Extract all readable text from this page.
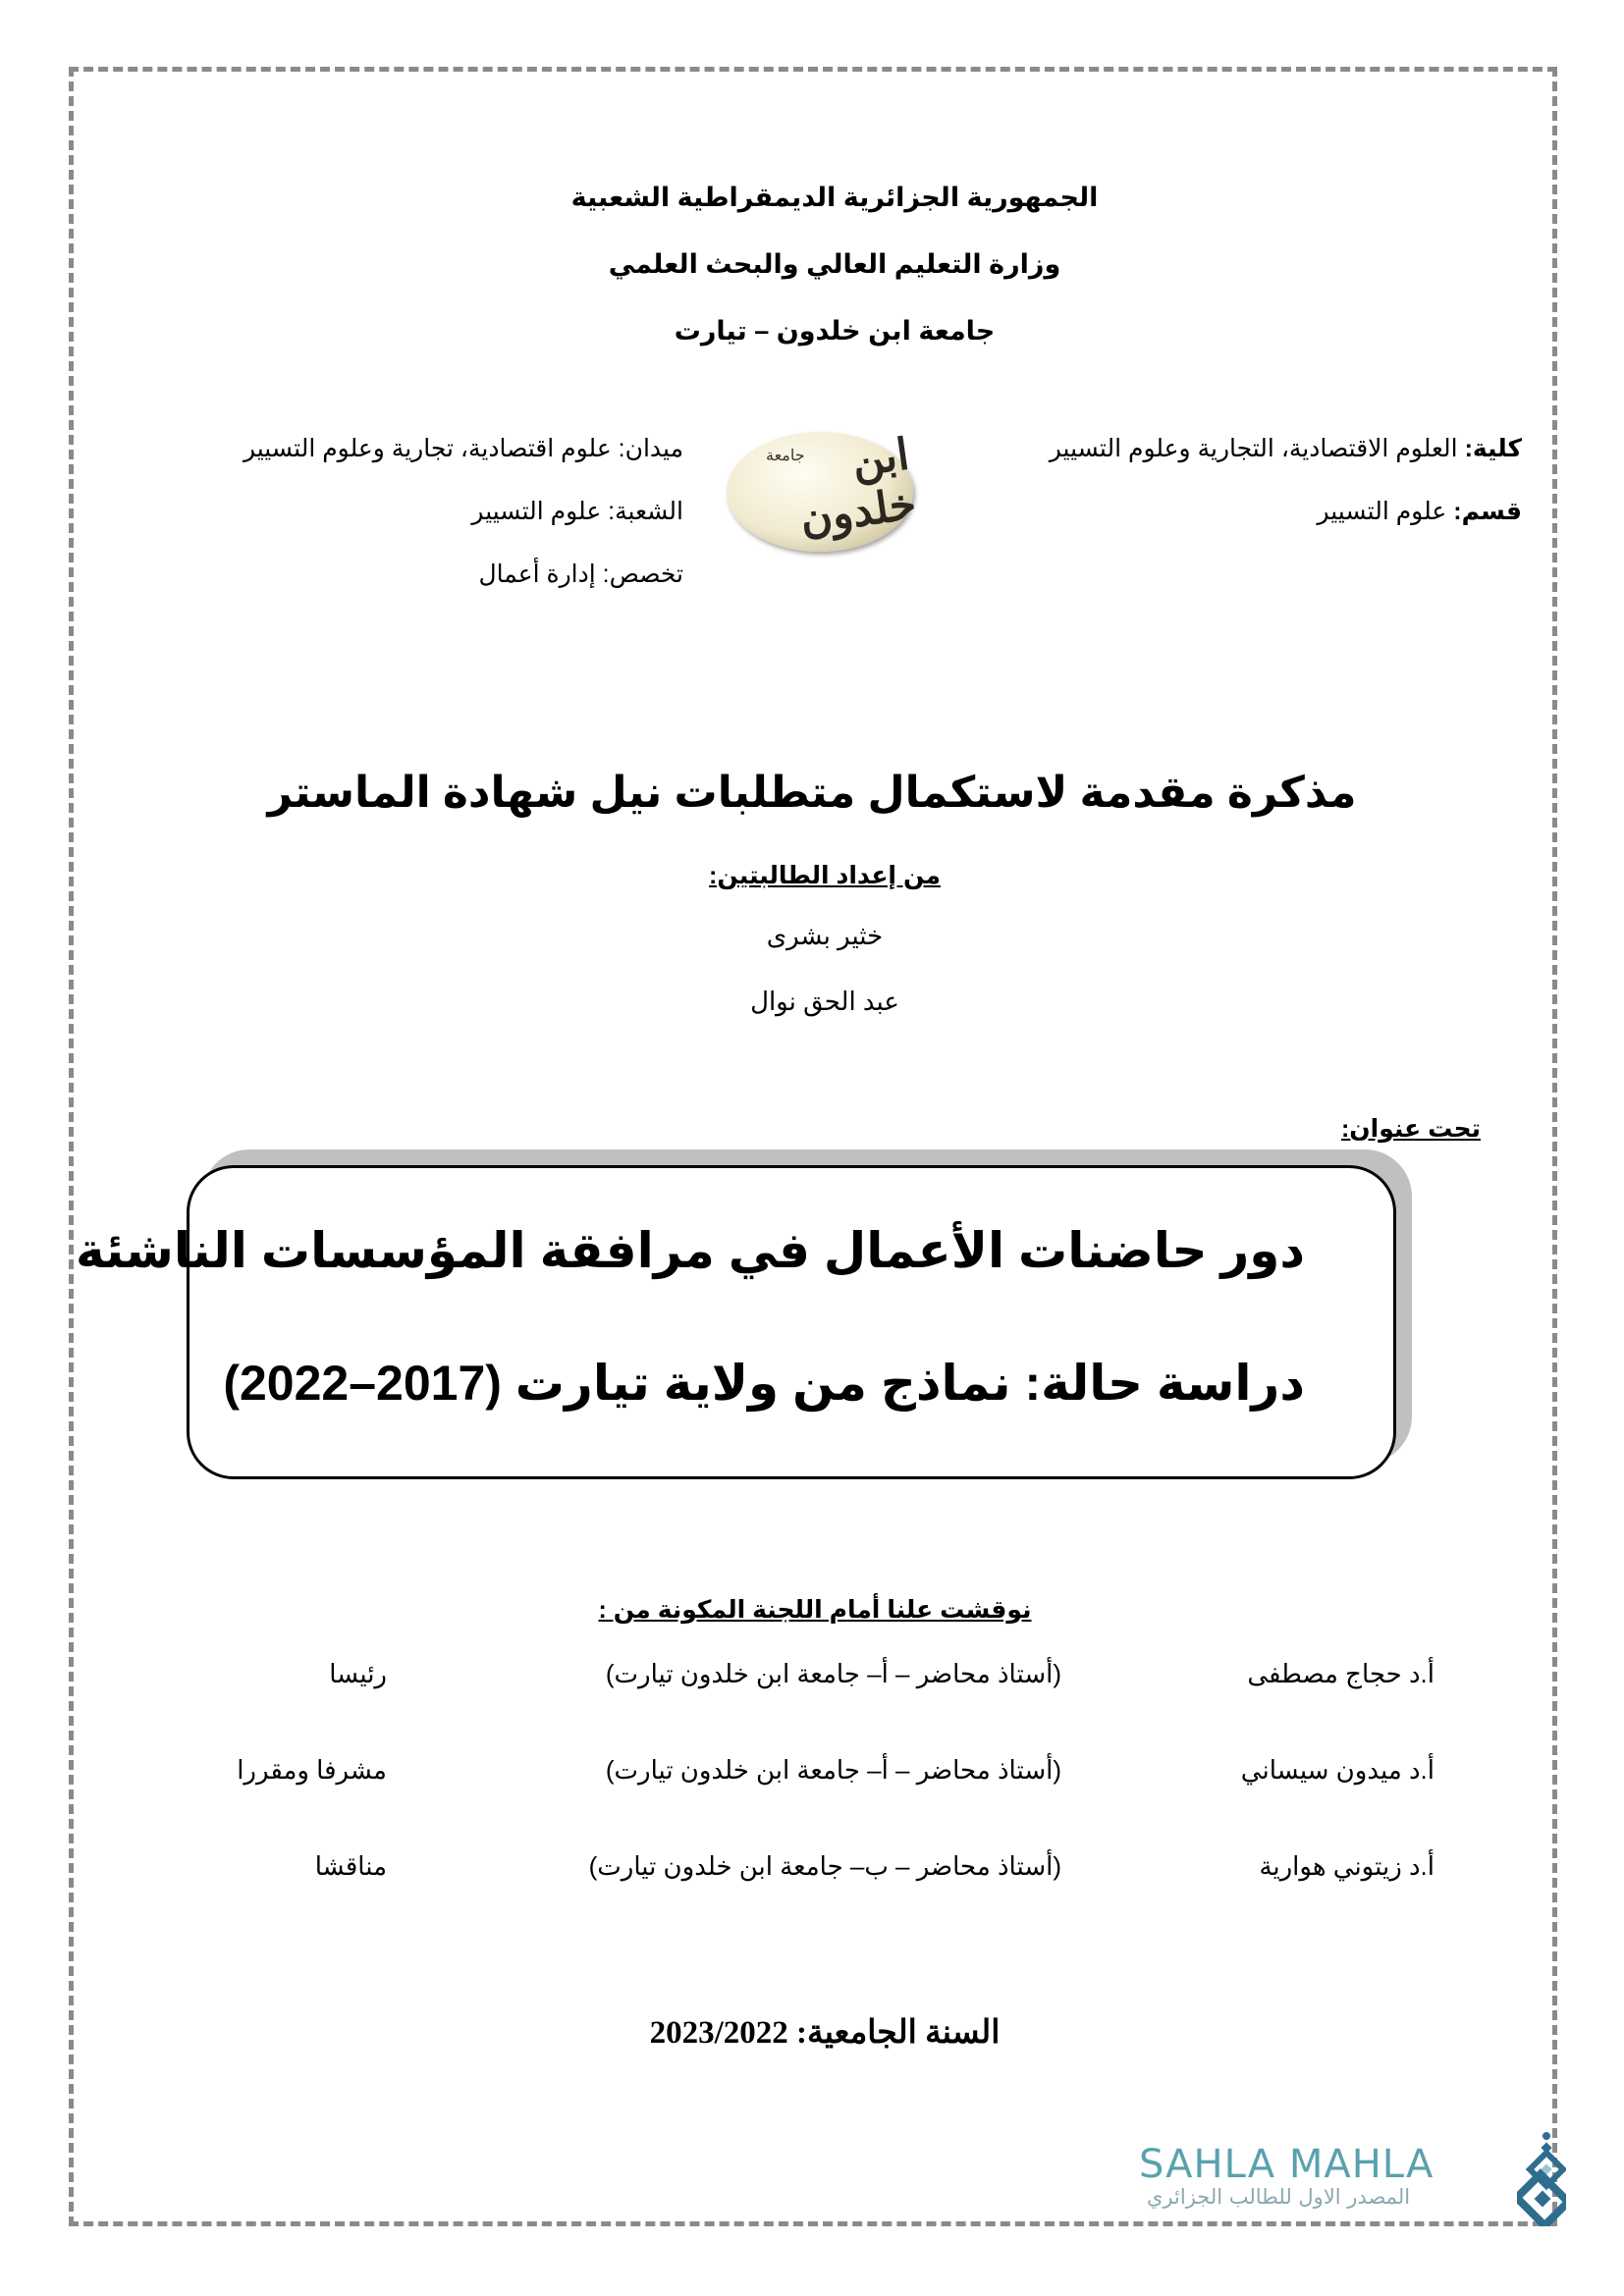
الجمهورية الجزائرية الديمقراطية الشعبية
وزارة التعليم العالي والبحث العلمي
جامعة ابن خلدون – تيارت
كلية: العلوم الاقتصادية، التجارية وعلوم التسيير
قسم: علوم التسيير
جامعة	ابن خلدون
ميدان: علوم اقتصادية، تجارية وعلوم التسيير
الشعبة: علوم التسيير
تخصص: إدارة أعمال
مذكرة مقدمة لاستكمال متطلبات نيل شهادة الماستر
من إعداد الطالبتين:
خثير بشرى
عبد الحق نوال
تحت عنوان:
دور حاضنات الأعمال في مرافقة المؤسسات الناشئة
دراسة حالة: نماذج من ولاية تيارت (2017–2022)
نوقشت علنا أمام اللجنة المكونة من :
أ.د حجاج مصطفى
(أستاذ محاضر – أ– جامعة ابن خلدون تيارت)
رئيسا
أ.د ميدون سيساني
(أستاذ محاضر – أ– جامعة ابن خلدون تيارت)
مشرفا ومقررا
أ.د زيتوني هوارية
(أستاذ محاضر – ب– جامعة ابن خلدون تيارت)
مناقشا
السنة الجامعية: 2023/2022
SAHLA MAHLA
المصدر الاول للطالب الجزائري
